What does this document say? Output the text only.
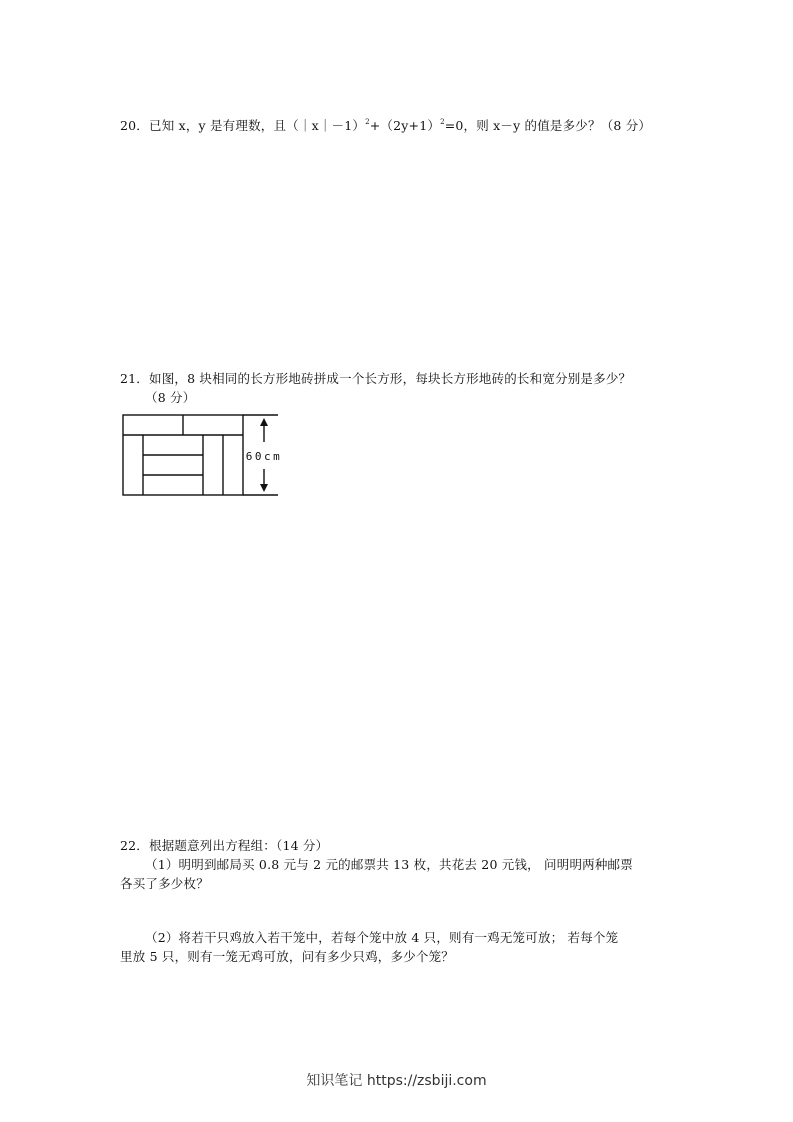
20．已知 x，y 是有理数，且$(|x|-1)^2+(2y+1)^2=0$，则 x－y 的值是多少？（8 分）
21．如图，8 块相同的长方形地砖拼成一个长方形，每块长方形地砖的长和宽分别是多少？
（8 分）
60cm
22．根据题意列出方程组：（14 分）
（1）明明到邮局买 0.8 元与 2 元的邮票共 13 枚，共花去 20 元钱， 问明明两种邮票
各买了多少枚？
（2）将若干只鸡放入若干笼中，若每个笼中放 4 只，则有一鸡无笼可放； 若每个笼
里放 5 只，则有一笼无鸡可放，问有多少只鸡，多少个笼？
知识笔记 https://zsbiji.com
